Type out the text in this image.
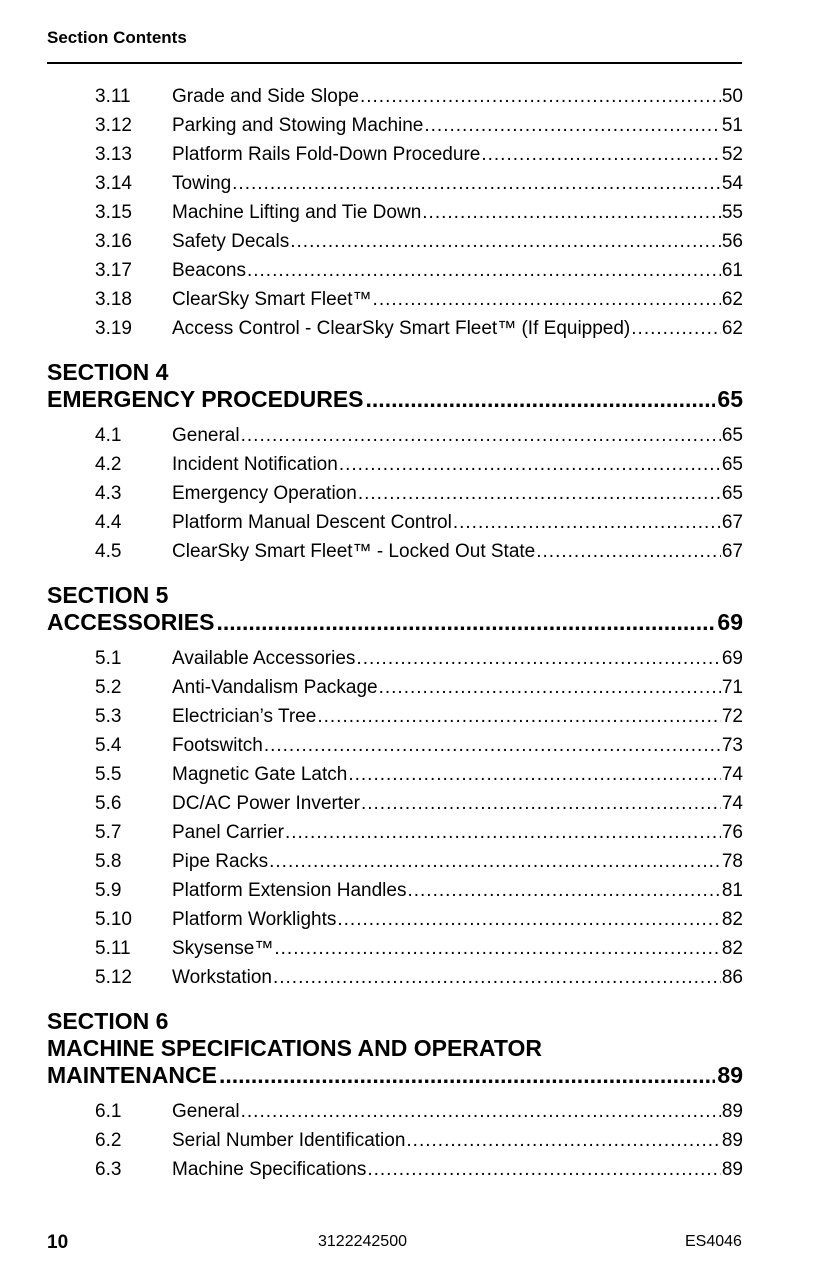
Section Contents
3.11	Grade and Side Slope .....	50
3.12	Parking and Stowing Machine .....	51
3.13	Platform Rails Fold-Down Procedure .....	52
3.14	Towing .....	54
3.15	Machine Lifting and Tie Down .....	55
3.16	Safety Decals .....	56
3.17	Beacons .....	61
3.18	ClearSky Smart Fleet™ .....	62
3.19	Access Control - ClearSky Smart Fleet™ (If Equipped) .....	62
SECTION 4
EMERGENCY PROCEDURES .....	65
4.1	General .....	65
4.2	Incident Notification .....	65
4.3	Emergency Operation .....	65
4.4	Platform Manual Descent Control .....	67
4.5	ClearSky Smart Fleet™ - Locked Out State .....	67
SECTION 5
ACCESSORIES .....	69
5.1	Available Accessories .....	69
5.2	Anti-Vandalism Package .....	71
5.3	Electrician’s Tree .....	72
5.4	Footswitch .....	73
5.5	Magnetic Gate Latch .....	74
5.6	DC/AC Power Inverter .....	74
5.7	Panel Carrier .....	76
5.8	Pipe Racks .....	78
5.9	Platform Extension Handles .....	81
5.10	Platform Worklights .....	82
5.11	Skysense™ .....	82
5.12	Workstation .....	86
SECTION 6
MACHINE SPECIFICATIONS AND OPERATOR
MAINTENANCE .....	89
6.1	General .....	89
6.2	Serial Number Identification .....	89
6.3	Machine Specifications .....	89
10	3122242500	ES4046
